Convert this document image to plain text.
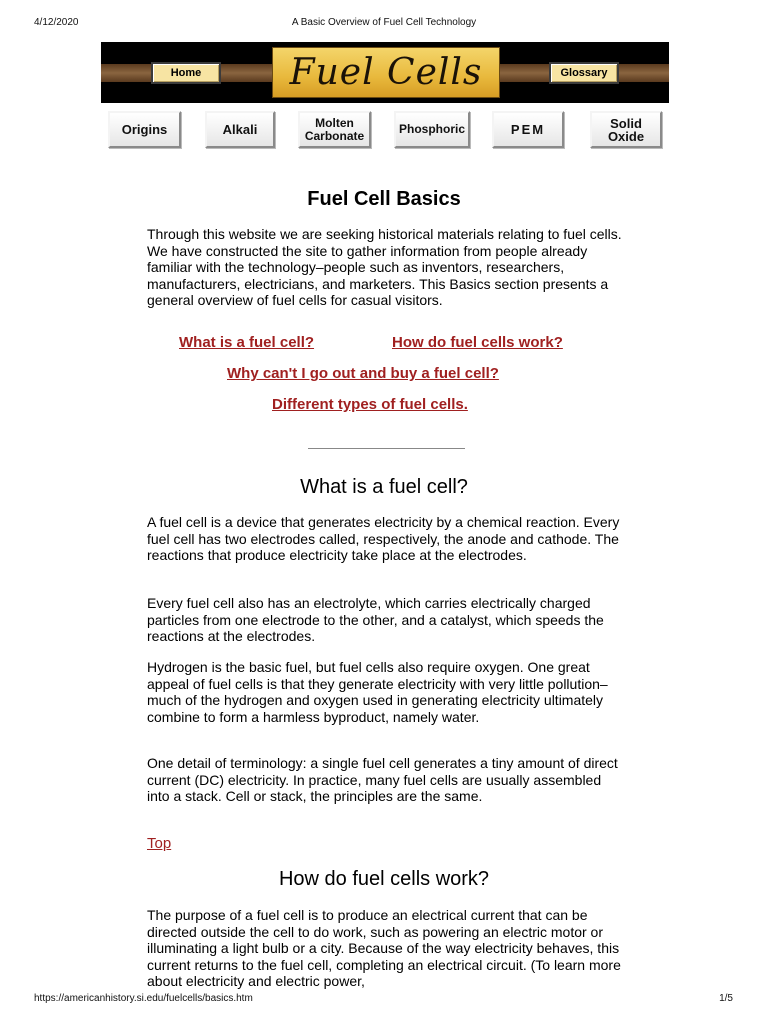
4/12/2020	A Basic Overview of Fuel Cell Technology
Home	Fuel Cells	Glossary
Origins	Alkali	Molten
Carbonate	Phosphoric	PEM	Solid
Oxide
Fuel Cell Basics

Through this website we are seeking historical materials relating to fuel cells. We have constructed the site to gather information from people already familiar with the technology–people such as inventors, researchers, manufacturers, electricians, and marketers. This Basics section presents a general overview of fuel cells for casual visitors.

What is a fuel cell?	How do fuel cells work?
Why can't I go out and buy a fuel cell?
Different types of fuel cells.
What is a fuel cell?

A fuel cell is a device that generates electricity by a chemical reaction. Every fuel cell has two electrodes called, respectively, the anode and cathode. The reactions that produce electricity take place at the electrodes.

Every fuel cell also has an electrolyte, which carries electrically charged particles from one electrode to the other, and a catalyst, which speeds the reactions at the electrodes.

Hydrogen is the basic fuel, but fuel cells also require oxygen. One great appeal of fuel cells is that they generate electricity with very little pollution–much of the hydrogen and oxygen used in generating electricity ultimately combine to form a harmless byproduct, namely water.

One detail of terminology: a single fuel cell generates a tiny amount of direct current (DC) electricity. In practice, many fuel cells are usually assembled into a stack. Cell or stack, the principles are the same.

Top
How do fuel cells work?

The purpose of a fuel cell is to produce an electrical current that can be directed outside the cell to do work, such as powering an electric motor or illuminating a light bulb or a city. Because of the way electricity behaves, this current returns to the fuel cell, completing an electrical circuit. (To learn more about electricity and electric power,

https://americanhistory.si.edu/fuelcells/basics.htm	1/5
